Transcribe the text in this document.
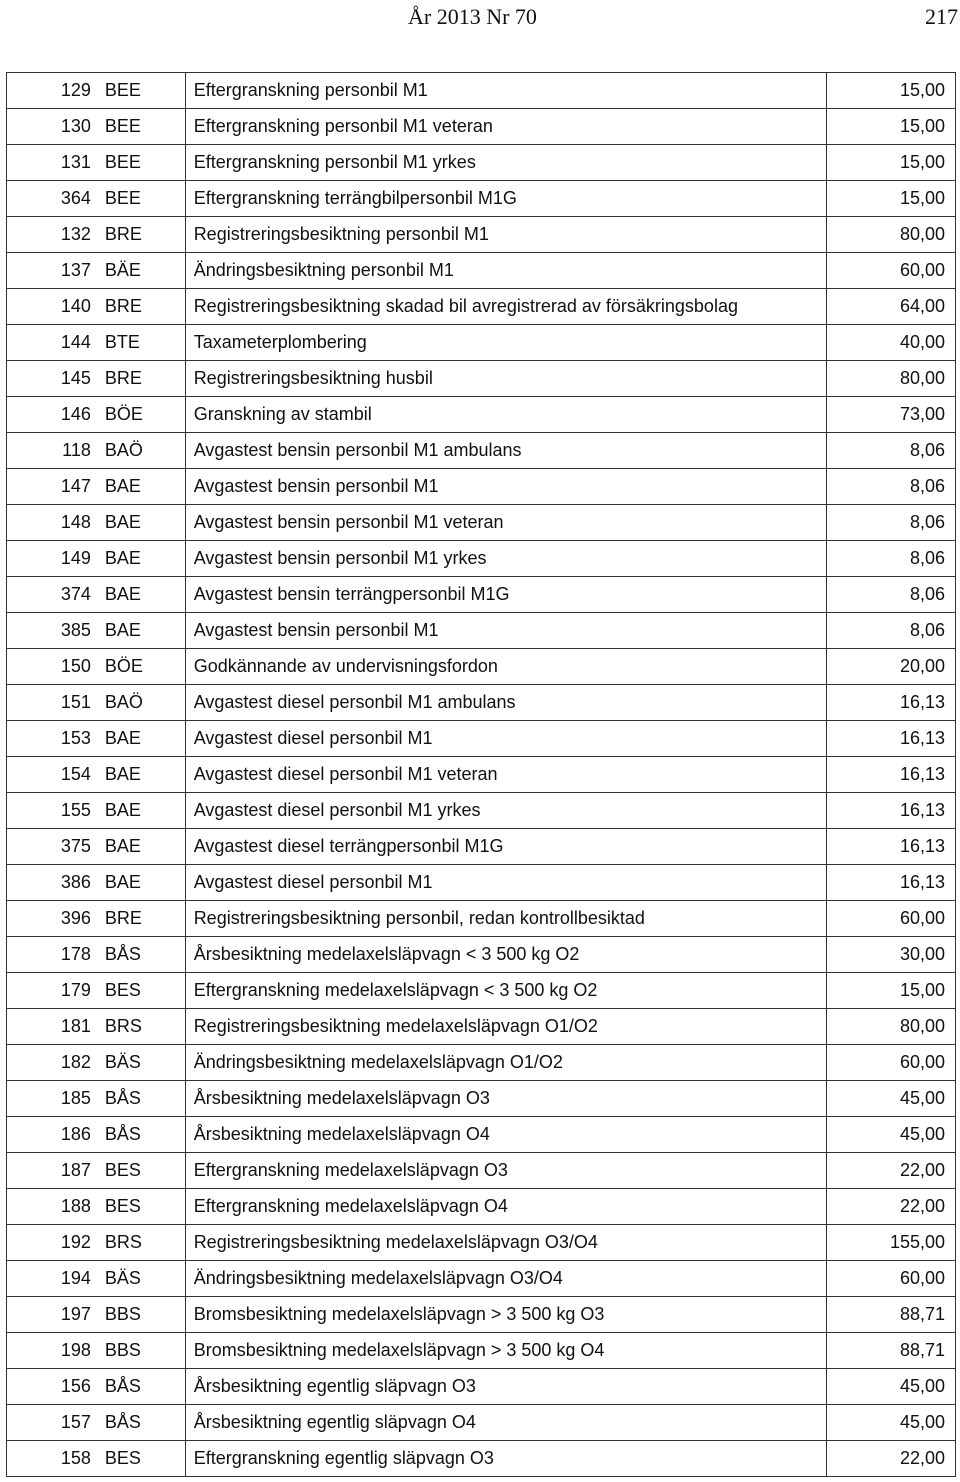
År 2013 Nr 70	217
129	BEE	Eftergranskning personbil M1	15,00
130	BEE	Eftergranskning personbil M1 veteran	15,00
131	BEE	Eftergranskning personbil M1 yrkes	15,00
364	BEE	Eftergranskning terrängbilpersonbil M1G	15,00
132	BRE	Registreringsbesiktning personbil M1	80,00
137	BÄE	Ändringsbesiktning personbil M1	60,00
140	BRE	Registreringsbesiktning skadad bil avregistrerad av försäkringsbolag	64,00
144	BTE	Taxameterplombering	40,00
145	BRE	Registreringsbesiktning husbil	80,00
146	BÖE	Granskning av stambil	73,00
118	BAÖ	Avgastest bensin personbil M1 ambulans	8,06
147	BAE	Avgastest bensin personbil M1	8,06
148	BAE	Avgastest bensin personbil M1 veteran	8,06
149	BAE	Avgastest bensin personbil M1 yrkes	8,06
374	BAE	Avgastest bensin terrängpersonbil M1G	8,06
385	BAE	Avgastest bensin personbil M1	8,06
150	BÖE	Godkännande av undervisningsfordon	20,00
151	BAÖ	Avgastest diesel personbil M1 ambulans	16,13
153	BAE	Avgastest diesel personbil M1	16,13
154	BAE	Avgastest diesel personbil M1 veteran	16,13
155	BAE	Avgastest diesel personbil M1 yrkes	16,13
375	BAE	Avgastest diesel terrängpersonbil M1G	16,13
386	BAE	Avgastest diesel personbil M1	16,13
396	BRE	Registreringsbesiktning personbil, redan kontrollbesiktad	60,00
178	BÅS	Årsbesiktning medelaxelsläpvagn < 3 500 kg O2	30,00
179	BES	Eftergranskning medelaxelsläpvagn < 3 500 kg O2	15,00
181	BRS	Registreringsbesiktning medelaxelsläpvagn O1/O2	80,00
182	BÄS	Ändringsbesiktning medelaxelsläpvagn O1/O2	60,00
185	BÅS	Årsbesiktning medelaxelsläpvagn O3	45,00
186	BÅS	Årsbesiktning medelaxelsläpvagn O4	45,00
187	BES	Eftergranskning medelaxelsläpvagn O3	22,00
188	BES	Eftergranskning medelaxelsläpvagn O4	22,00
192	BRS	Registreringsbesiktning medelaxelsläpvagn O3/O4	155,00
194	BÄS	Ändringsbesiktning medelaxelsläpvagn O3/O4	60,00
197	BBS	Bromsbesiktning medelaxelsläpvagn > 3 500 kg O3	88,71
198	BBS	Bromsbesiktning medelaxelsläpvagn > 3 500 kg O4	88,71
156	BÅS	Årsbesiktning egentlig släpvagn O3	45,00
157	BÅS	Årsbesiktning egentlig släpvagn O4	45,00
158	BES	Eftergranskning egentlig släpvagn O3	22,00
